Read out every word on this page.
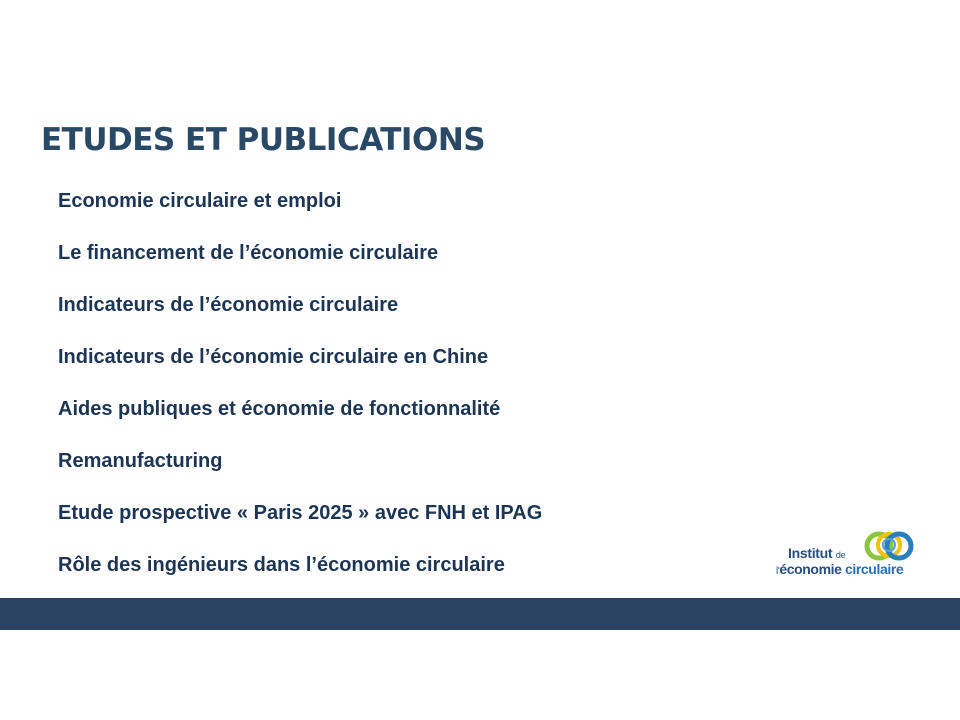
ETUDES ET PUBLICATIONS
Economie circulaire et emploi
Le financement de l’économie circulaire
Indicateurs de l’économie circulaire
Indicateurs de l’économie circulaire en Chine
Aides publiques et économie de fonctionnalité
Remanufacturing
Etude prospective « Paris 2025 » avec FNH et IPAG
Rôle des ingénieurs dans l’économie circulaire
Institut de
l'économie circulaire
